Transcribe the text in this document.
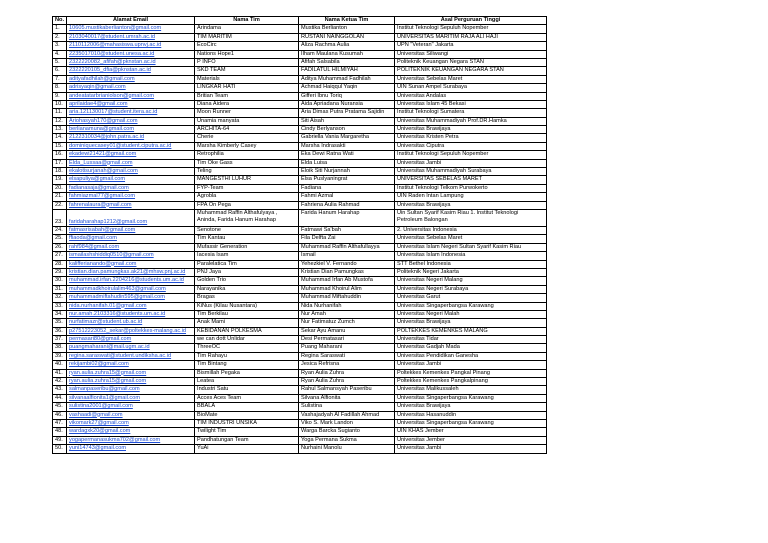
No.	Alamat Email	Nama Tim	Nama Ketua Tim	Asal Perguruan Tinggi
1.	10605.mustikaberlianton@gmail.com	Arindama	Mustika Berlianton	Institut Teknologi Sepuluh Nopember
2.	2103040017@student.umrah.ac.id	TIM MARITIM	RUSTANI NAINGGOLAN	UNIVERSITAS MARITIM RAJA ALI HAJI
3.	2110112006@mahasiswa.upnvj.ac.id	EcoCirc	Aliza Rachma Aulia	UPN "Veteran" Jakarta
4.	2235017010@student.unesa.ac.id	Nations Hope1	Ilham Maulana Kusumah	Universitas Siliwangi
5.	2322220082_afifah@pknstan.ac.id	P INFO	Afifah Salsabila	Politeknik Keuangan Negara STAN
6.	2322220105_dfia@pknstan.ac.id	SKD TEAM	FADILATUL HILMIYAH	POLITEKNIK KEUANGAN NEGARA STAN
7.	adityafadhilah@gmail.com	Materials	Aditya Muhammad Fadhilah	Universitas Sebelas Maret
8.	adrisyaqin@gmail.com	LINGKAR HATI	Achmad Haiqqul Yaqin	UIN Sunan Ampel Surabaya
9.	andeatatarbrianiolson@gmail.com	Britian Team	Gifferi Ibnu Toriq	Universitas Andalas
10.	aprilaidae4@gmail.com	Diana Aidera	Aida Apriadana Nuransia	Universitas Islam 45 Bekasi
11.	aria.121130017@student.itera.ac.id	Moon Runner	Aria Dimas Putra Pratama Sajidin	Institut Teknologi Sumatera
12.	Ariohasyah170@gmail.com	Unamia manyata	Siti Aisah	Universitas Muhammadiyah Prof.DR.Hamka
13.	berlianamuna@gmail.com	ARCHITA-64	Cindy Berlyanson	Universitas Brawijaya
14.	2122310034@john.patra.ac.id	Cherie	Gabriella Vania Margaretha	Universitas Kristen Petra
15.	dominiquecasey01@student.ciputra.ac.id	Marsha Kimberly Casey	Marsha Indrasakti	Universitas Ciputra
16.	ekadewi21421@gmail.com	Retrophilia	Eka Dewi Ratna Wati	Institut Teknologi Sepuluh Nopember
17.	Elda_Lussaa@gmail.com	Tim Oke Gass	Elda Luisa	Universitas Jambi
18.	ekalotisurjanah@gmail.com	Teling	Eloik Siti Nurjannah	Universitas Muhammadiyah Surabaya
19.	elsapuliya@gmail.com	MANGESTHI LUHUR	Elsa Puslyaningrat	UNIVERSITAS SEBELAS MARET
20.	fadianasaja@gmail.com	FYP-Team	Fadiana	Institut Teknologi Telkom Purwokerto
21.	fahmiazmal77@gmail.com	Agrobla	Fahmi Azmal	UIN Raden Intan Lampung
22.	fahrenalaura@gmail.com	FPA On Pega	Fahriena Aulia Rahmad	Universitas Brawijaya
23.	faridaharahap1212@gmail.com	Muhammad Raffin Althafulyaya , Aninda, Farida Hanum Harahap	Farida Hanum Harahap	Uin Sultan Syarif Kasim Riau 1. Institut Teknologi Petroleum Balongan
24.	fatmasrisabah@gmail.com	Senotone	Fatmawi Sa'bah	2. Universitas Indonesia
25.	ffiaoda@gmail.com	Tim Kantau	Fila Delfta Zai	Universitas Sebelas Maret
26.	rahf984@gmail.com	Mufassir Generation	Muhammad Raffin Althafullayya	Universitas Islam Negeri Sultan Syarif Kasim Riau
27.	ismailashshiddiq0510@gmail.com	Iacesia Isam	Ismail	Universitas Islam Indonesia
28.	kalifferianando@gmail.com	Paralelatica Tim	Yehezkiel V. Fernando	STT Bethel Indonesia
29.	kristian.dian.pamungkas.ak21@mhsw.pnj.ac.id	PNJ Jaya	Kristian Dian Pamungkas	Politeknik Negeri Jakarta
30.	muhammad.irfan.2204216@students.um.ac.id	Golden Trio	Muhammad Irfan Ab Mustofa	Universitas Negeri Malang
31.	muhammadkhoirulalim463@gmail.com	Narayanika	Muhammad Khoirul Alim	Universitas Negeri Surabaya
32.	muhammadmiftahudin595@gmail.com	Bragas	Muhammad Miftahuddin	Universitas Garut
33.	nida.nurhanifah.01@gmail.com	KiNus (Kilau Nusantara)	Nida Nurhanifah	Universitas Singaperbangsa Karawang
34.	nur.amah.2103316@students.um.ac.id	Tim Berkilau	Nur Amah	Universitas Negeri Malah
35.	nurfatimazr@student.ub.ac.id	Anak Mami	Nur Fatimatuz Zumch	Universitas Brawijaya
36.	p27512223052_sekar@poltekkes-malang.ac.id	KEBIDANAN POLKESMA	Sekar Ayu Amanu	POLTEKKES KEMENKES MALANG
37.	permasari80@gmail.com	we can dott Unlidar	Desi Permatasari	Universitas Tidar
38.	puangmaharani@mail.ugm.ac.id	ThreeOC	Puang Maharani	Universitas Gadjah Mada
39.	regina.saraswati@student.undiksha.ac.id	Tim Rahayu	Regina Saraswati	Universitas Pendidikan Ganesha
40.	rekijambi02@gmail.com	Tim Bintang	Jesica Refrisna	Universitas Jambi
41.	ryan.aulia.zuhra15@gmail.com	Bismillah Pegaka	Ryan Aulia Zuhra	Poltekkes Kemenkes Pangkal Pinang
42.	ryan.aulia.zuhra15@gmail.com	Leatea	Ryan Aulia Zuhra	Poltekkes Kemenkes Pangkalpinang
43.	salmanpaseribu@gmail.com	Industri Satu	Rahul Salmansyah Paseribu	Universitas Malikussaleh
44.	silvanaalfionita1@gmail.com	Acces Aces Team	Silvana Alfionita	Universitas Singaperbangsa Karawang
45.	sulistina2001@gmail.com	BBALA	Sulistina	Universitas Brawijaya
46.	vashaadi@gmail.com	BioMate	Vashajadyah Al Fadillah Ahmad	Universitas Hasanuddin
47.	vikomark27@gmail.com	TIM INDUSTRI UNSIKA	Viko S. Mark Landon	Universitas Singaperbangsa Karawang
48.	wardagxk20@gmail.com	Twilight Tim	Warga Barcka Sugianto	UIN KHAS Jember
49.	yogapermanasukma702@gmail.com	Pandhatungan Team	Yoga Permana Sukma	Universitas Jember
50.	yuni14743@gmail.com	YuAi	Nurhaini Manolu	Universitas Jambi
